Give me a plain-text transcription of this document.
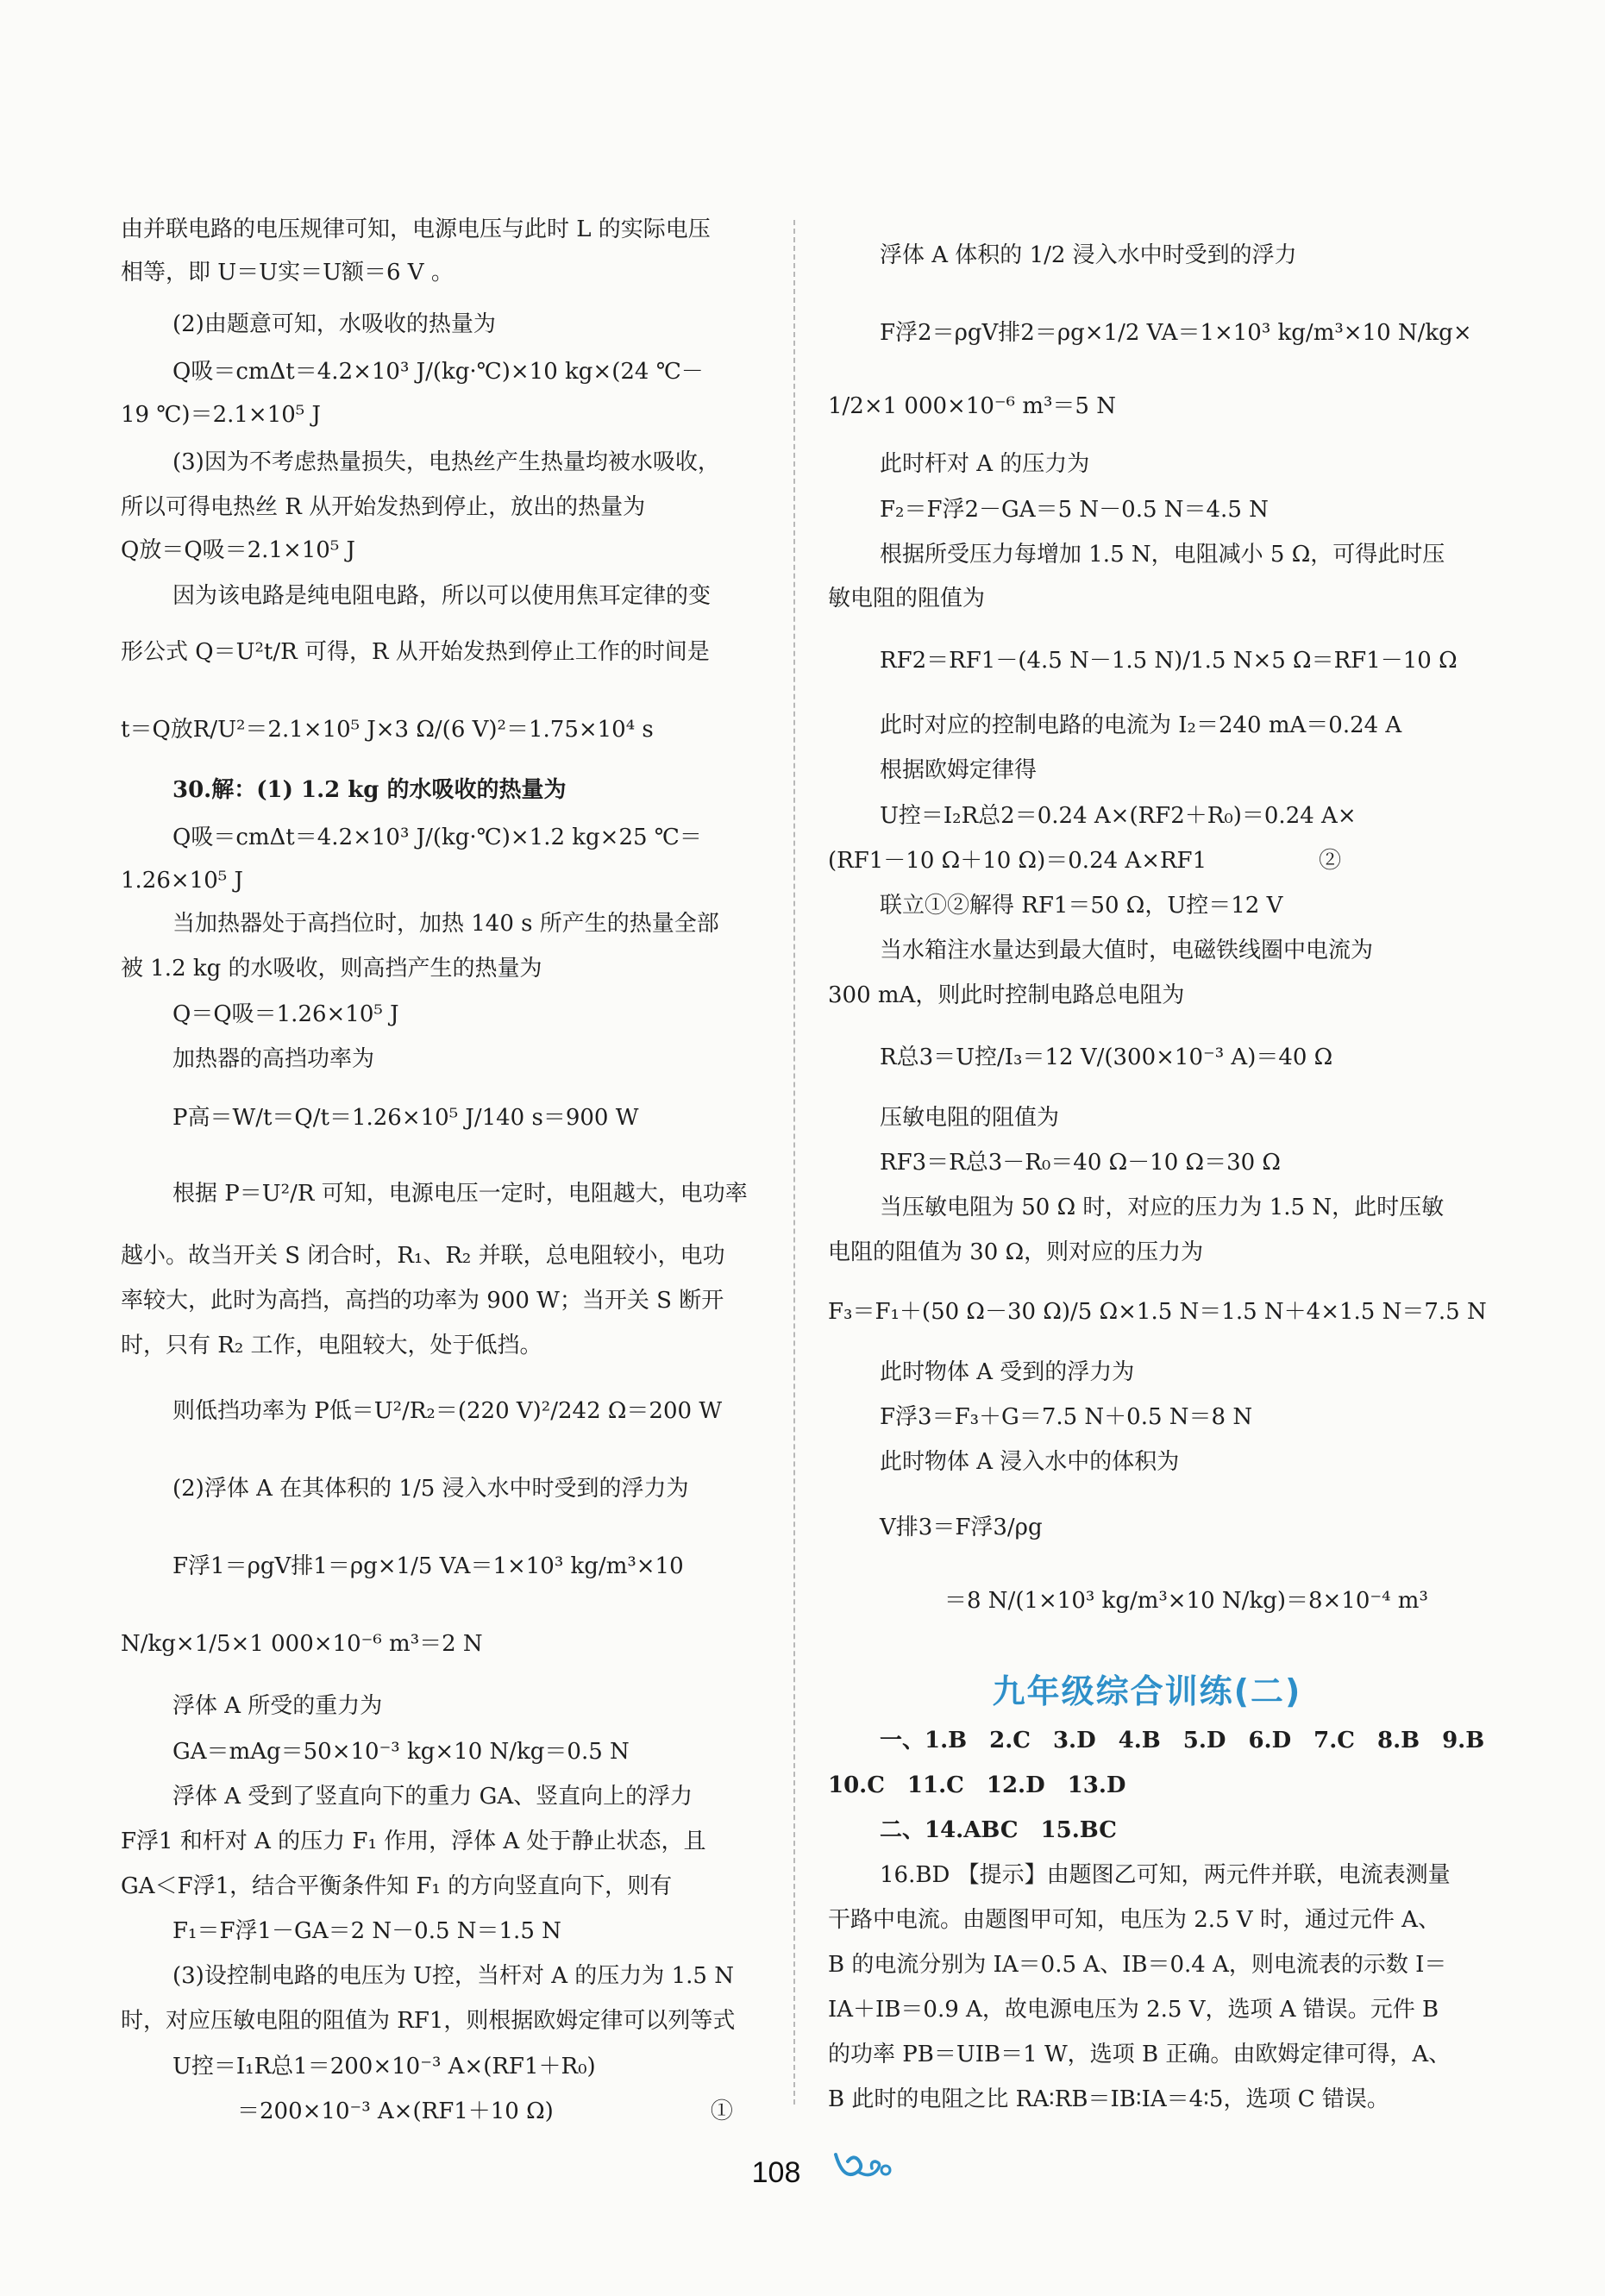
由并联电路的电压规律可知，电源电压与此时 L 的实际电压
相等，即 U＝U实＝U额＝6 V 。
(2)由题意可知，水吸收的热量为
Q吸＝cmΔt＝4.2×10³ J/(kg·℃)×10 kg×(24 ℃－
19 ℃)＝2.1×10⁵ J
(3)因为不考虑热量损失，电热丝产生热量均被水吸收，
所以可得电热丝 R 从开始发热到停止，放出的热量为
Q放＝Q吸＝2.1×10⁵ J
因为该电路是纯电阻电路，所以可以使用焦耳定律的变
形公式 Q＝U²t/R 可得，R 从开始发热到停止工作的时间是
t＝Q放R/U²＝2.1×10⁵ J×3 Ω/(6 V)²＝1.75×10⁴ s
30.解：(1) 1.2 kg 的水吸收的热量为
Q吸＝cmΔt＝4.2×10³ J/(kg·℃)×1.2 kg×25 ℃＝
1.26×10⁵ J
当加热器处于高挡位时，加热 140 s 所产生的热量全部
被 1.2 kg 的水吸收，则高挡产生的热量为
Q＝Q吸＝1.26×10⁵ J
加热器的高挡功率为
P高＝W/t＝Q/t＝1.26×10⁵ J/140 s＝900 W
根据 P＝U²/R 可知，电源电压一定时，电阻越大，电功率
越小。故当开关 S 闭合时，R₁、R₂ 并联，总电阻较小，电功
率较大，此时为高挡，高挡的功率为 900 W；当开关 S 断开
时，只有 R₂ 工作，电阻较大，处于低挡。
则低挡功率为 P低＝U²/R₂＝(220 V)²/242 Ω＝200 W
(2)浮体 A 在其体积的 1/5 浸入水中时受到的浮力为
F浮1＝ρgV排1＝ρg×1/5 VA＝1×10³ kg/m³×10
N/kg×1/5×1 000×10⁻⁶ m³＝2 N
浮体 A 所受的重力为
GA＝mAg＝50×10⁻³ kg×10 N/kg＝0.5 N
浮体 A 受到了竖直向下的重力 GA、竖直向上的浮力
F浮1 和杆对 A 的压力 F₁ 作用，浮体 A 处于静止状态，且
GA＜F浮1，结合平衡条件知 F₁ 的方向竖直向下，则有
F₁＝F浮1－GA＝2 N－0.5 N＝1.5 N
(3)设控制电路的电压为 U控，当杆对 A 的压力为 1.5 N
时，对应压敏电阻的阻值为 RF1，则根据欧姆定律可以列等式
U控＝I₁R总1＝200×10⁻³ A×(RF1＋R₀)
＝200×10⁻³ A×(RF1＋10 Ω)　　　　　　　①
浮体 A 体积的 1/2 浸入水中时受到的浮力
F浮2＝ρgV排2＝ρg×1/2 VA＝1×10³ kg/m³×10 N/kg×
1/2×1 000×10⁻⁶ m³＝5 N
此时杆对 A 的压力为
F₂＝F浮2－GA＝5 N－0.5 N＝4.5 N
根据所受压力每增加 1.5 N，电阻减小 5 Ω，可得此时压
敏电阻的阻值为
RF2＝RF1－(4.5 N－1.5 N)/1.5 N×5 Ω＝RF1－10 Ω
此时对应的控制电路的电流为 I₂＝240 mA＝0.24 A
根据欧姆定律得
U控＝I₂R总2＝0.24 A×(RF2＋R₀)＝0.24 A×
(RF1－10 Ω＋10 Ω)＝0.24 A×RF1　　　　　②
联立①②解得 RF1＝50 Ω，U控＝12 V
当水箱注水量达到最大值时，电磁铁线圈中电流为
300 mA，则此时控制电路总电阻为
R总3＝U控/I₃＝12 V/(300×10⁻³ A)＝40 Ω
压敏电阻的阻值为
RF3＝R总3－R₀＝40 Ω－10 Ω＝30 Ω
当压敏电阻为 50 Ω 时，对应的压力为 1.5 N，此时压敏
电阻的阻值为 30 Ω，则对应的压力为
F₃＝F₁＋(50 Ω－30 Ω)/5 Ω×1.5 N＝1.5 N＋4×1.5 N＝7.5 N
此时物体 A 受到的浮力为
F浮3＝F₃＋G＝7.5 N＋0.5 N＝8 N
此时物体 A 浸入水中的体积为
V排3＝F浮3/ρg
＝8 N/(1×10³ kg/m³×10 N/kg)＝8×10⁻⁴ m³
九年级综合训练(二)
一、1.B　2.C　3.D　4.B　5.D　6.D　7.C　8.B　9.B
10.C　11.C　12.D　13.D
二、14.ABC　15.BC
16.BD 【提示】由题图乙可知，两元件并联，电流表测量
干路中电流。由题图甲可知，电压为 2.5 V 时，通过元件 A、
B 的电流分别为 IA＝0.5 A、IB＝0.4 A，则电流表的示数 I＝
IA＋IB＝0.9 A，故电源电压为 2.5 V，选项 A 错误。元件 B
的功率 PB＝UIB＝1 W，选项 B 正确。由欧姆定律可得，A、
B 此时的电阻之比 RA∶RB＝IB∶IA＝4∶5，选项 C 错误。
108
